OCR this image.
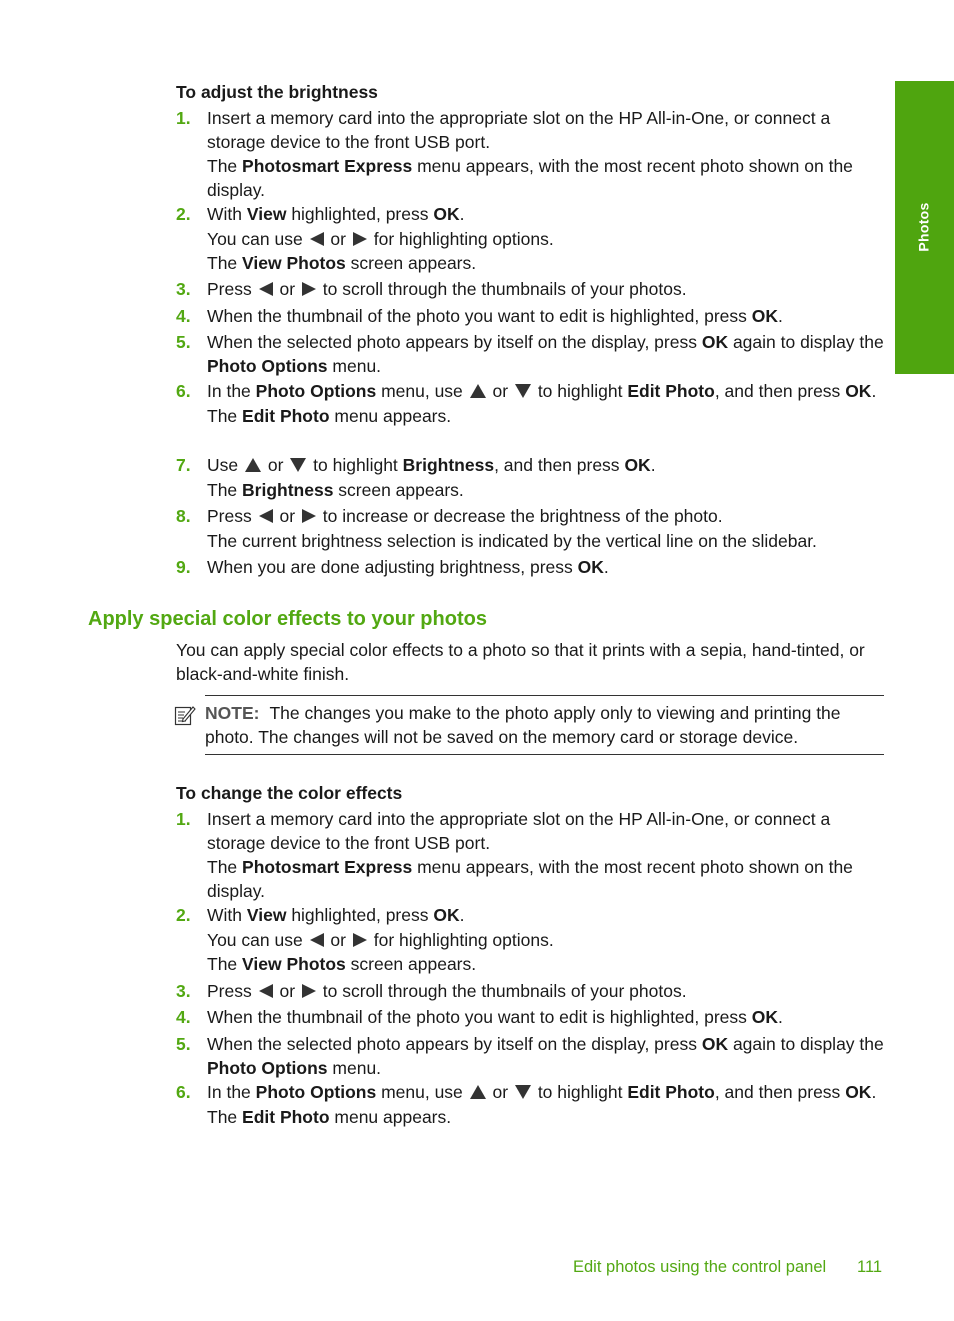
Photos
To adjust the brightness
1. Insert a memory card into the appropriate slot on the HP All-in-One, or connect a storage device to the front USB port.

The Photosmart Express menu appears, with the most recent photo shown on the display.

2. With View highlighted, press OK.

You can use  or  for highlighting options.

The View Photos screen appears.

3. Press  or  to scroll through the thumbnails of your photos.

4. When the thumbnail of the photo you want to edit is highlighted, press OK.

5. When the selected photo appears by itself on the display, press OK again to display the Photo Options menu.

6. In the Photo Options menu, use  or  to highlight Edit Photo, and then press OK.

The Edit Photo menu appears.

7. Use  or  to highlight Brightness, and then press OK.

The Brightness screen appears.

8. Press  or  to increase or decrease the brightness of the photo.

The current brightness selection is indicated by the vertical line on the slidebar.

9. When you are done adjusting brightness, press OK.

Apply special color effects to your photos

You can apply special color effects to a photo so that it prints with a sepia, hand-tinted, or black-and-white finish.

NOTE: The changes you make to the photo apply only to viewing and printing the photo. The changes will not be saved on the memory card or storage device.

To change the color effects
1. Insert a memory card into the appropriate slot on the HP All-in-One, or connect a storage device to the front USB port.

The Photosmart Express menu appears, with the most recent photo shown on the display.

2. With View highlighted, press OK.

You can use  or  for highlighting options.

The View Photos screen appears.

3. Press  or  to scroll through the thumbnails of your photos.

4. When the thumbnail of the photo you want to edit is highlighted, press OK.

5. When the selected photo appears by itself on the display, press OK again to display the Photo Options menu.

6. In the Photo Options menu, use  or  to highlight Edit Photo, and then press OK.

The Edit Photo menu appears.

Edit photos using the control panel 111
